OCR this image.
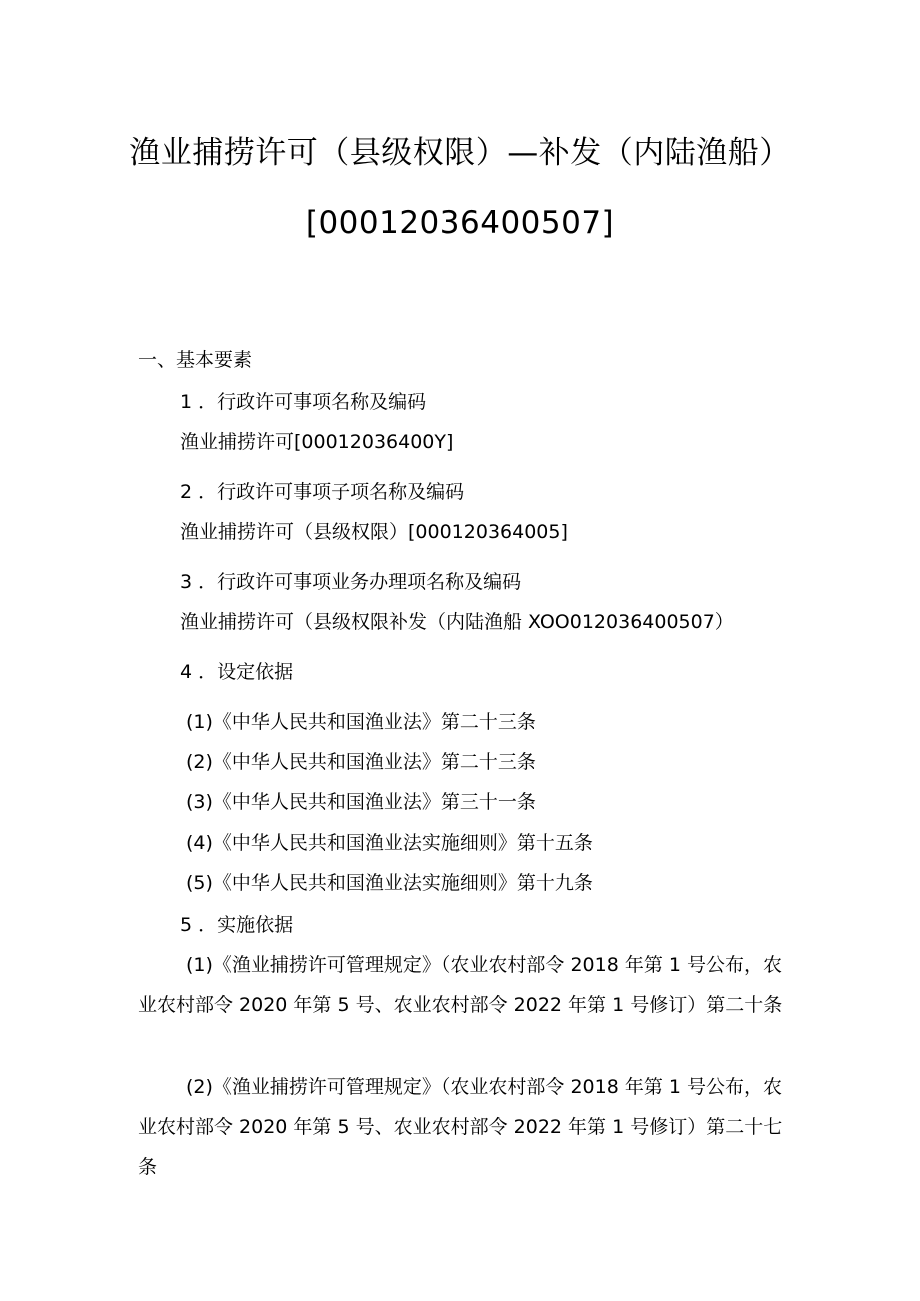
渔业捕捞许可（县级权限）—补发（内陆渔船）
[00012036400507]
一、基本要素
1 ．行政许可事项名称及编码
渔业捕捞许可[00012036400Y]
2 ．行政许可事项子项名称及编码
渔业捕捞许可（县级权限）[000120364005]
3 ．行政许可事项业务办理项名称及编码
渔业捕捞许可（县级权限补发（内陆渔船 XOO012036400507）
4 ．设定依据
(1)《中华人民共和国渔业法》第二十三条
(2)《中华人民共和国渔业法》第二十三条
(3)《中华人民共和国渔业法》第三十一条
(4)《中华人民共和国渔业法实施细则》第十五条
(5)《中华人民共和国渔业法实施细则》第十九条
5 ．实施依据
(1)《渔业捕捞许可管理规定》（农业农村部令 2018 年第 1 号公布，农业农村部令 2020 年第 5 号、农业农村部令 2022 年第 1 号修订）第二十条
(2)《渔业捕捞许可管理规定》（农业农村部令 2018 年第 1 号公布，农业农村部令 2020 年第 5 号、农业农村部令 2022 年第 1 号修订）第二十七条
